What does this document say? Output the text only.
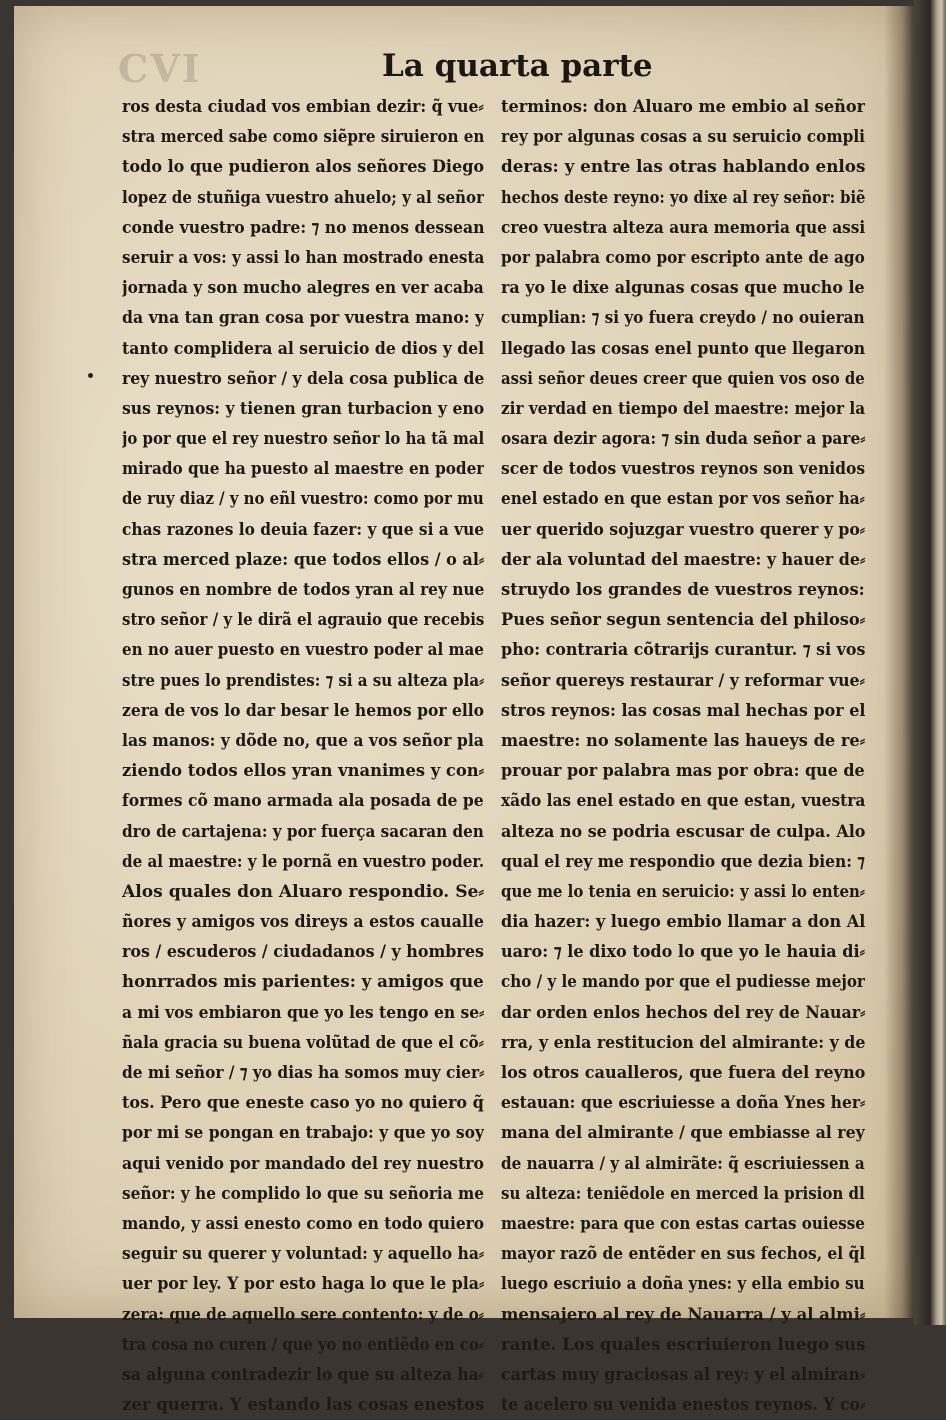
CVI	La quarta parte
ros desta ciudad vos embian dezir: q̃ vue⸗
stra merced sabe como siẽpre siruieron en
todo lo que pudieron alos señores Diego
lopez de stuñiga vuestro ahuelo; y al señor
conde vuestro padre: ⁊ no menos dessean
seruir a vos: y assi lo han mostrado enesta
jornada y son mucho alegres en ver acaba
da vna tan gran cosa por vuestra mano: y
tanto complidera al seruicio de dios y del
rey nuestro señor / y dela cosa publica de
sus reynos: y tienen gran turbacion y eno
jo por que el rey nuestro señor lo ha tã mal
mirado que ha puesto al maestre en poder
de ruy diaz / y no eñl vuestro: como por mu
chas razones lo deuia fazer: y que si a vue
stra merced plaze: que todos ellos / o al⸗
gunos en nombre de todos yran al rey nue
stro señor / y le dirã el agrauio que recebis
en no auer puesto en vuestro poder al mae
stre pues lo prendistes: ⁊ si a su alteza pla⸗
zera de vos lo dar besar le hemos por ello
las manos: y dõde no, que a vos señor pla
ziendo todos ellos yran vnanimes y con⸗
formes cõ mano armada ala posada de pe
dro de cartajena: y por fuerça sacaran den
de al maestre: y le pornã en vuestro poder.
Alos quales don Aluaro respondio. Se⸗
ñores y amigos vos direys a estos caualle
ros / escuderos / ciudadanos / y hombres
honrrados mis parientes: y amigos que
a mi vos embiaron que yo les tengo en se⸗
ñala gracia su buena volũtad de que el cõ⸗
de mi señor / ⁊ yo dias ha somos muy cier⸗
tos. Pero que eneste caso yo no quiero q̃
por mi se pongan en trabajo: y que yo soy
aqui venido por mandado del rey nuestro
señor: y he complido lo que su señoria me
mando, y assi enesto como en todo quiero
seguir su querer y voluntad: y aquello ha⸗
uer por ley. Y por esto haga lo que le pla⸗
zera: que de aquello sere contento: y de o⸗
tra cosa no curen / que yo no entiẽdo en co⸗
sa alguna contradezir lo que su alteza ha⸗
zer querra. Y estando las cosas enestos
terminos: don Aluaro me embio al señor
rey por algunas cosas a su seruicio compli
deras: y entre las otras hablando enlos
hechos deste reyno: yo dixe al rey señor: biẽ
creo vuestra alteza aura memoria que assi
por palabra como por escripto ante de ago
ra yo le dixe algunas cosas que mucho le
cumplian: ⁊ si yo fuera creydo / no ouieran
llegado las cosas enel punto que llegaron
assi señor deues creer que quien vos oso de
zir verdad en tiempo del maestre: mejor la
osara dezir agora: ⁊ sin duda señor a pare⸗
scer de todos vuestros reynos son venidos
enel estado en que estan por vos señor ha⸗
uer querido sojuzgar vuestro querer y po⸗
der ala voluntad del maestre: y hauer de⸗
struydo los grandes de vuestros reynos:
Pues señor segun sentencia del philoso⸗
pho: contraria cõtrarijs curantur. ⁊ si vos
señor quereys restaurar / y reformar vue⸗
stros reynos: las cosas mal hechas por el
maestre: no solamente las haueys de re⸗
prouar por palabra mas por obra: que de
xãdo las enel estado en que estan, vuestra
alteza no se podria escusar de culpa. Alo
qual el rey me respondio que dezia bien: ⁊
que me lo tenia en seruicio: y assi lo enten⸗
dia hazer: y luego embio llamar a don Al
uaro: ⁊ le dixo todo lo que yo le hauia di⸗
cho / y le mando por que el pudiesse mejor
dar orden enlos hechos del rey de Nauar⸗
rra, y enla restitucion del almirante: y de
los otros caualleros, que fuera del reyno
estauan: que escriuiesse a doña Ynes her⸗
mana del almirante / que embiasse al rey
de nauarra / y al almirãte: q̃ escriuiessen a
su alteza: teniẽdole en merced la prision dl
maestre: para que con estas cartas ouiesse
mayor razõ de entẽder en sus fechos, el q̃l
luego escriuio a doña ynes: y ella embio su
mensajero al rey de Nauarra / y al almi⸗
rante. Los quales escriuieron luego sus
cartas muy graciosas al rey: y el almiran⸗
te acelero su venida enestos reynos. Y co⸗
